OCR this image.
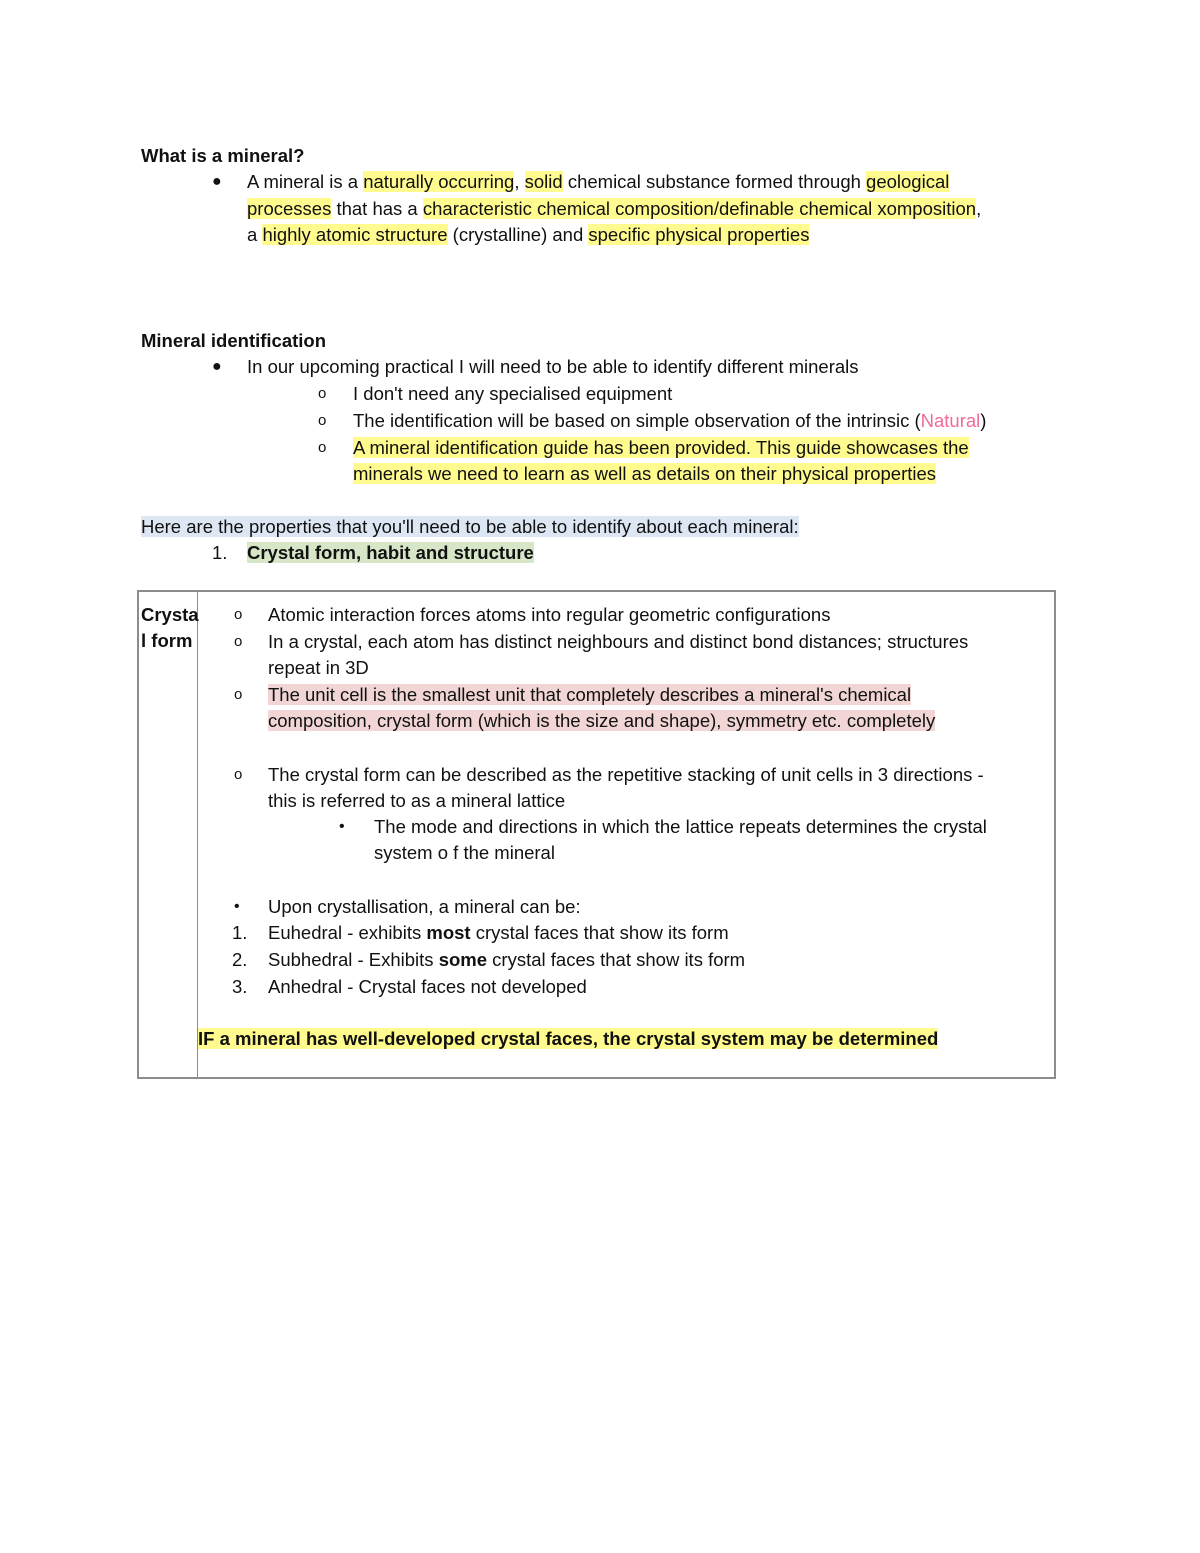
What is a mineral?
● A mineral is a naturally occurring, solid chemical substance formed through geological
processes that has a characteristic chemical composition/definable chemical xomposition,
a highly atomic structure (crystalline) and specific physical properties
Mineral identification
● In our upcoming practical I will need to be able to identify different minerals
o I don't need any specialised equipment
o The identification will be based on simple observation of the intrinsic (Natural)
o A mineral identification guide has been provided. This guide showcases the
minerals we need to learn as well as details on their physical properties
Here are the properties that you'll need to be able to identify about each mineral:
1. Crystal form, habit and structure
Crysta
l form

o Atomic interaction forces atoms into regular geometric configurations
o In a crystal, each atom has distinct neighbours and distinct bond distances; structures
repeat in 3D
o The unit cell is the smallest unit that completely describes a mineral's chemical
composition, crystal form (which is the size and shape), symmetry etc. completely
o The crystal form can be described as the repetitive stacking of unit cells in 3 directions -
this is referred to as a mineral lattice
• The mode and directions in which the lattice repeats determines the crystal
system o f the mineral
• Upon crystallisation, a mineral can be:
1. Euhedral - exhibits most crystal faces that show its form
2. Subhedral - Exhibits some crystal faces that show its form
3. Anhedral - Crystal faces not developed
IF a mineral has well-developed crystal faces, the crystal system may be determined
